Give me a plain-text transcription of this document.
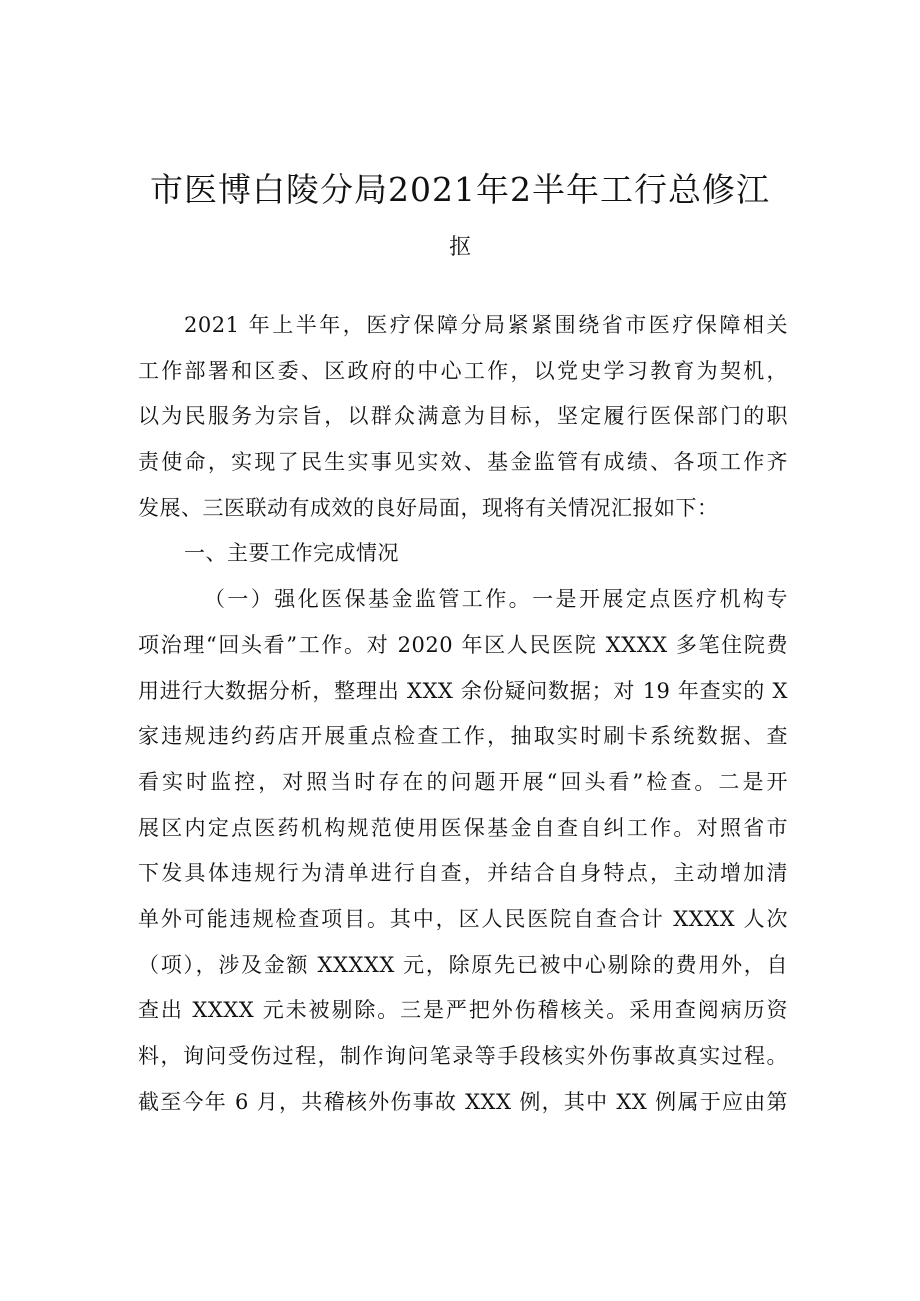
市医博白陵分局2021年2半年工行总修江
抠
2021 年上半年，医疗保障分局紧紧围绕省市医疗保障相关
工作部署和区委、区政府的中心工作，以党史学习教育为契机，
以为民服务为宗旨，以群众满意为目标，坚定履行医保部门的职
责使命，实现了民生实事见实效、基金监管有成绩、各项工作齐
发展、三医联动有成效的良好局面，现将有关情况汇报如下：
一、主要工作完成情况
（一）强化医保基金监管工作。一是开展定点医疗机构专
项治理“回头看”工作。对 2020 年区人民医院 XXXX 多笔住院费
用进行大数据分析，整理出 XXX 余份疑问数据；对 19 年查实的 X
家违规违约药店开展重点检查工作，抽取实时刷卡系统数据、查
看实时监控，对照当时存在的问题开展“回头看”检查。二是开
展区内定点医药机构规范使用医保基金自查自纠工作。对照省市
下发具体违规行为清单进行自查，并结合自身特点，主动增加清
单外可能违规检查项目。其中，区人民医院自查合计 XXXX 人次
（项），涉及金额 XXXXX 元，除原先已被中心剔除的费用外，自
查出 XXXX 元未被剔除。三是严把外伤稽核关。采用查阅病历资
料，询问受伤过程，制作询问笔录等手段核实外伤事故真实过程。
截至今年 6 月，共稽核外伤事故 XXX 例，其中 XX 例属于应由第
